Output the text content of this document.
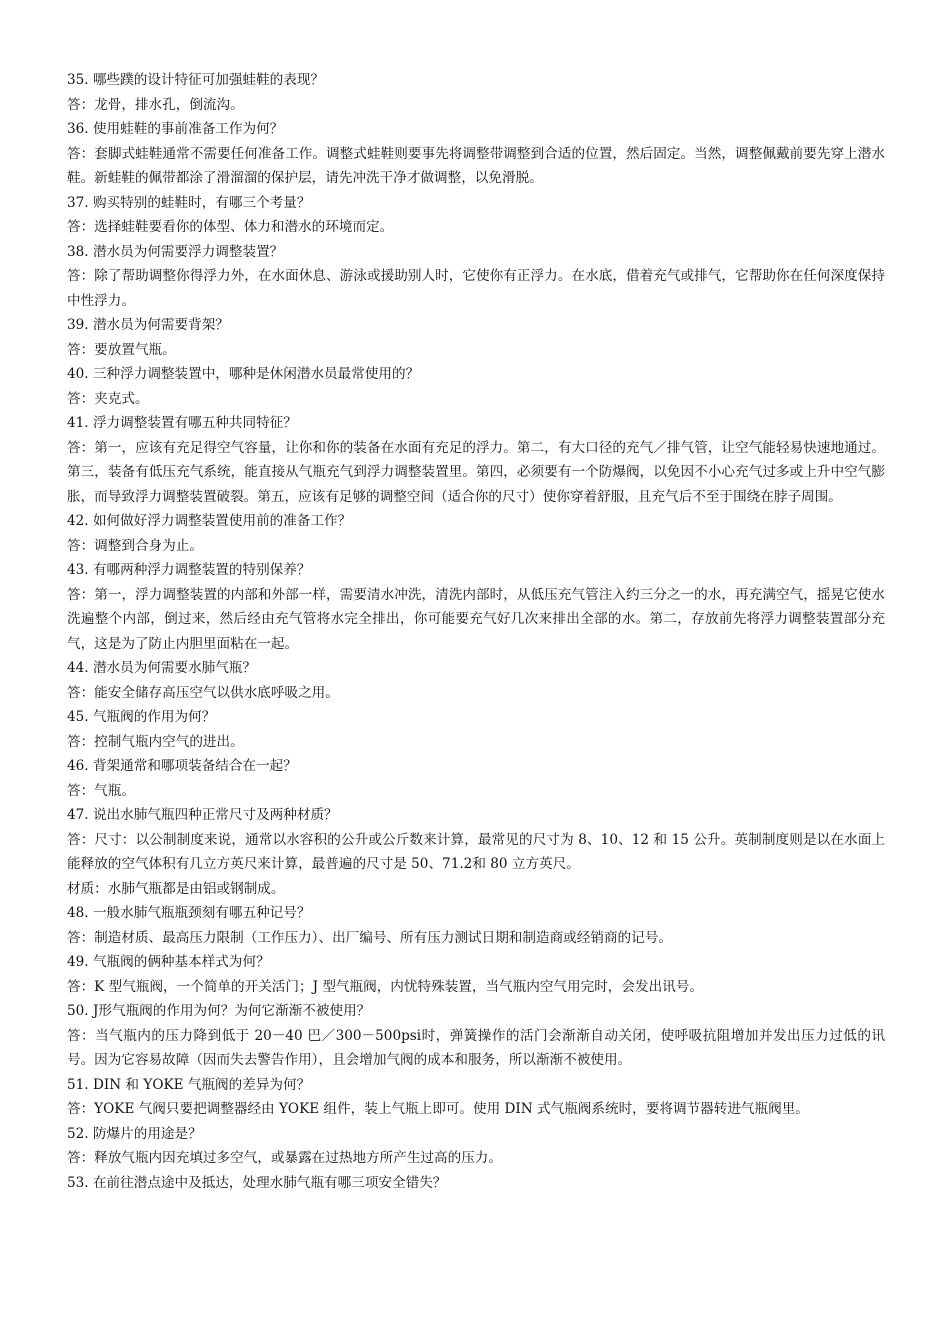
35. 哪些蹼的设计特征可加强蛙鞋的表现？

答：龙骨，排水孔，倒流沟。

36. 使用蛙鞋的事前准备工作为何？

答：套脚式蛙鞋通常不需要任何准备工作。调整式蛙鞋则要事先将调整带调整到合适的位置，然后固定。当然，调整佩戴前要先穿上潜水鞋。新蛙鞋的佩带都涂了滑溜溜的保护层，请先冲洗干净才做调整，以免滑脱。

37. 购买特别的蛙鞋时，有哪三个考量？

答：选择蛙鞋要看你的体型、体力和潜水的环境而定。

38. 潜水员为何需要浮力调整装置？

答：除了帮助调整你得浮力外，在水面休息、游泳或援助别人时，它使你有正浮力。在水底，借着充气或排气，它帮助你在任何深度保持中性浮力。

39. 潜水员为何需要背架？

答：要放置气瓶。

40. 三种浮力调整装置中，哪种是休闲潜水员最常使用的？

答：夹克式。

41. 浮力调整装置有哪五种共同特征？

答：第一，应该有充足得空气容量，让你和你的装备在水面有充足的浮力。第二，有大口径的充气／排气管，让空气能轻易快速地通过。第三，装备有低压充气系统，能直接从气瓶充气到浮力调整装置里。第四，必须要有一个防爆阀，以免因不小心充气过多或上升中空气膨胀，而导致浮力调整装置破裂。第五，应该有足够的调整空间（适合你的尺寸）使你穿着舒服，且充气后不至于围绕在脖子周围。

42. 如何做好浮力调整装置使用前的准备工作？

答：调整到合身为止。

43. 有哪两种浮力调整装置的特别保养？

答：第一，浮力调整装置的内部和外部一样，需要清水冲洗，清洗内部时，从低压充气管注入约三分之一的水，再充满空气，摇晃它使水洗遍整个内部，倒过来，然后经由充气管将水完全排出，你可能要充气好几次来排出全部的水。第二，存放前先将浮力调整装置部分充气，这是为了防止内胆里面粘在一起。

44. 潜水员为何需要水肺气瓶？

答：能安全储存高压空气以供水底呼吸之用。

45. 气瓶阀的作用为何？

答：控制气瓶内空气的进出。

46. 背架通常和哪项装备结合在一起？

答：气瓶。

47. 说出水肺气瓶四种正常尺寸及两种材质？

答：尺寸：以公制制度来说，通常以水容积的公升或公斤数来计算，最常见的尺寸为 8、10、12 和 15 公升。英制制度则是以在水面上能释放的空气体积有几立方英尺来计算，最普遍的尺寸是 50、71.2和 80 立方英尺。

材质：水肺气瓶都是由铝或钢制成。

48. 一般水肺气瓶瓶颈刻有哪五种记号？

答：制造材质、最高压力限制（工作压力）、出厂编号、所有压力测试日期和制造商或经销商的记号。

49. 气瓶阀的俩种基本样式为何？

答：K 型气瓶阀，一个简单的开关活门；J 型气瓶阀，内忧特殊装置，当气瓶内空气用完时，会发出讯号。

50. J形气瓶阀的作用为何？为何它渐渐不被使用？

答：当气瓶内的压力降到低于 20－40 巴／300－500psi时，弹簧操作的活门会渐渐自动关闭，使呼吸抗阻增加并发出压力过低的讯号。因为它容易故障（因而失去警告作用），且会增加气阀的成本和服务，所以渐渐不被使用。

51. DIN 和 YOKE 气瓶阀的差异为何？

答：YOKE 气阀只要把调整器经由 YOKE 组件，装上气瓶上即可。使用 DIN 式气瓶阀系统时，要将调节器转进气瓶阀里。

52. 防爆片的用途是？

答：释放气瓶内因充填过多空气，或暴露在过热地方所产生过高的压力。

53. 在前往潜点途中及抵达，处理水肺气瓶有哪三项安全错失？
